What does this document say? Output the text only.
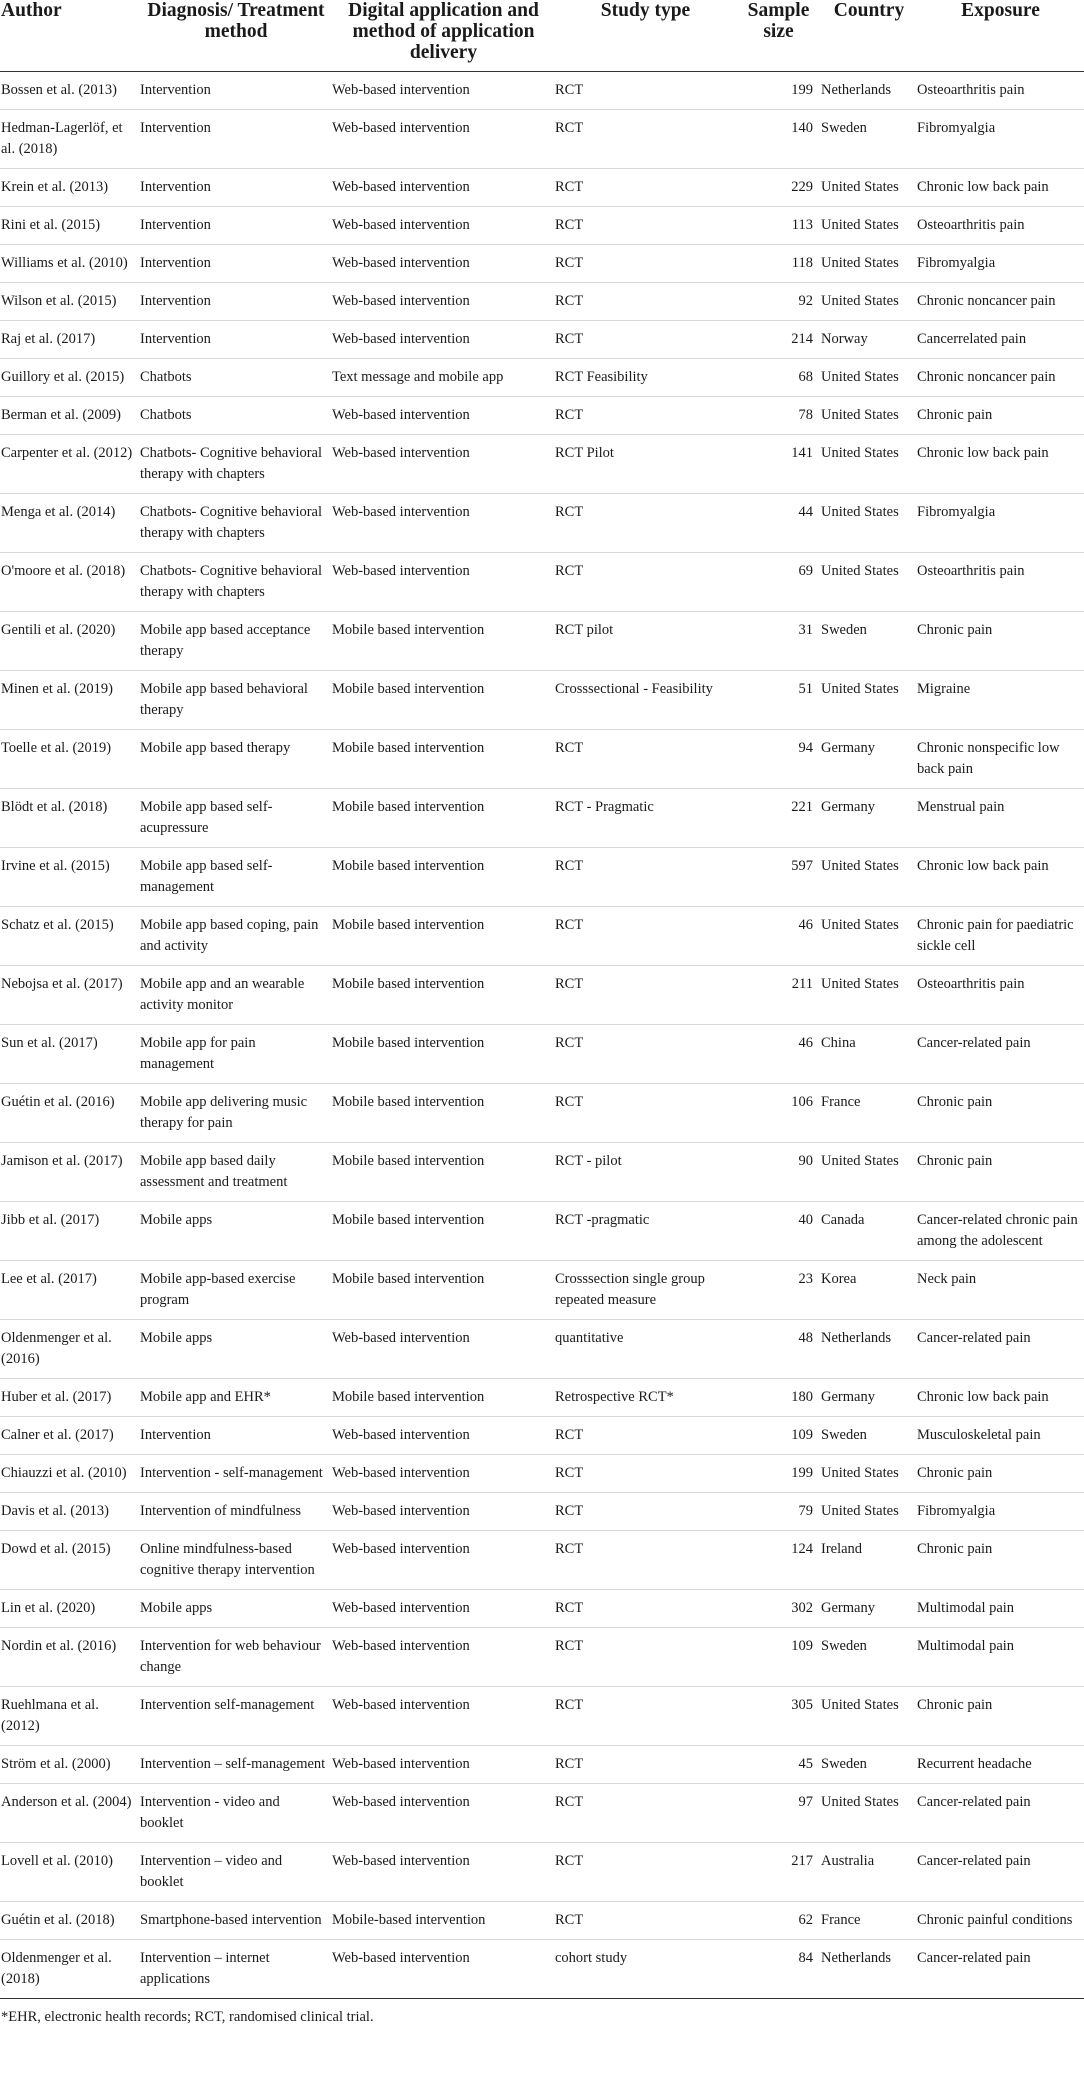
Author	Diagnosis/ Treatment method	Digital application and method of application delivery	Study type	Sample size	Country	Exposure
Bossen et al. (2013)	Intervention	Web-based intervention	RCT	199	Netherlands	Osteoarthritis pain
Hedman-Lagerlöf, et al. (2018)	Intervention	Web-based intervention	RCT	140	Sweden	Fibromyalgia
Krein et al. (2013)	Intervention	Web-based intervention	RCT	229	United States	Chronic low back pain
Rini et al. (2015)	Intervention	Web-based intervention	RCT	113	United States	Osteoarthritis pain
Williams et al. (2010)	Intervention	Web-based intervention	RCT	118	United States	Fibromyalgia
Wilson et al. (2015)	Intervention	Web-based intervention	RCT	92	United States	Chronic noncancer pain
Raj et al. (2017)	Intervention	Web-based intervention	RCT	214	Norway	Cancerrelated pain
Guillory et al. (2015)	Chatbots	Text message and mobile app	RCT Feasibility	68	United States	Chronic noncancer pain
Berman et al. (2009)	Chatbots	Web-based intervention	RCT	78	United States	Chronic pain
Carpenter et al. (2012)	Chatbots- Cognitive behavioral therapy with chapters	Web-based intervention	RCT Pilot	141	United States	Chronic low back pain
Menga et al. (2014)	Chatbots- Cognitive behavioral therapy with chapters	Web-based intervention	RCT	44	United States	Fibromyalgia
O'moore et al. (2018)	Chatbots- Cognitive behavioral therapy with chapters	Web-based intervention	RCT	69	United States	Osteoarthritis pain
Gentili et al. (2020)	Mobile app based acceptance therapy	Mobile based intervention	RCT pilot	31	Sweden	Chronic pain
Minen et al. (2019)	Mobile app based behavioral therapy	Mobile based intervention	Crosssectional - Feasibility	51	United States	Migraine
Toelle et al. (2019)	Mobile app based therapy	Mobile based intervention	RCT	94	Germany	Chronic nonspecific low back pain
Blödt et al. (2018)	Mobile app based self-acupressure	Mobile based intervention	RCT - Pragmatic	221	Germany	Menstrual pain
Irvine et al. (2015)	Mobile app based self-management	Mobile based intervention	RCT	597	United States	Chronic low back pain
Schatz et al. (2015)	Mobile app based coping, pain and activity	Mobile based intervention	RCT	46	United States	Chronic pain for paediatric sickle cell
Nebojsa et al. (2017)	Mobile app and an wearable activity monitor	Mobile based intervention	RCT	211	United States	Osteoarthritis pain
Sun et al. (2017)	Mobile app for pain management	Mobile based intervention	RCT	46	China	Cancer-related pain
Guétin et al. (2016)	Mobile app delivering music therapy for pain	Mobile based intervention	RCT	106	France	Chronic pain
Jamison et al. (2017)	Mobile app based daily assessment and treatment	Mobile based intervention	RCT - pilot	90	United States	Chronic pain
Jibb et al. (2017)	Mobile apps	Mobile based intervention	RCT -pragmatic	40	Canada	Cancer-related chronic pain among the adolescent
Lee et al. (2017)	Mobile app-based exercise program	Mobile based intervention	Crosssection single group repeated measure	23	Korea	Neck pain
Oldenmenger et al. (2016)	Mobile apps	Web-based intervention	quantitative	48	Netherlands	Cancer-related pain
Huber et al. (2017)	Mobile app and EHR*	Mobile based intervention	Retrospective RCT*	180	Germany	Chronic low back pain
Calner et al. (2017)	Intervention	Web-based intervention	RCT	109	Sweden	Musculoskeletal pain
Chiauzzi et al. (2010)	Intervention - self-management	Web-based intervention	RCT	199	United States	Chronic pain
Davis et al. (2013)	Intervention of mindfulness	Web-based intervention	RCT	79	United States	Fibromyalgia
Dowd et al. (2015)	Online mindfulness-based cognitive therapy intervention	Web-based intervention	RCT	124	Ireland	Chronic pain
Lin et al. (2020)	Mobile apps	Web-based intervention	RCT	302	Germany	Multimodal pain
Nordin et al. (2016)	Intervention for web behaviour change	Web-based intervention	RCT	109	Sweden	Multimodal pain
Ruehlmana et al. (2012)	Intervention self-management	Web-based intervention	RCT	305	United States	Chronic pain
Ström et al. (2000)	Intervention – self-management	Web-based intervention	RCT	45	Sweden	Recurrent headache
Anderson et al. (2004)	Intervention - video and booklet	Web-based intervention	RCT	97	United States	Cancer-related pain
Lovell et al. (2010)	Intervention – video and booklet	Web-based intervention	RCT	217	Australia	Cancer-related pain
Guétin et al. (2018)	Smartphone-based intervention	Mobile-based intervention	RCT	62	France	Chronic painful conditions
Oldenmenger et al. (2018)	Intervention – internet applications	Web-based intervention	cohort study	84	Netherlands	Cancer-related pain
*EHR, electronic health records; RCT, randomised clinical trial.
